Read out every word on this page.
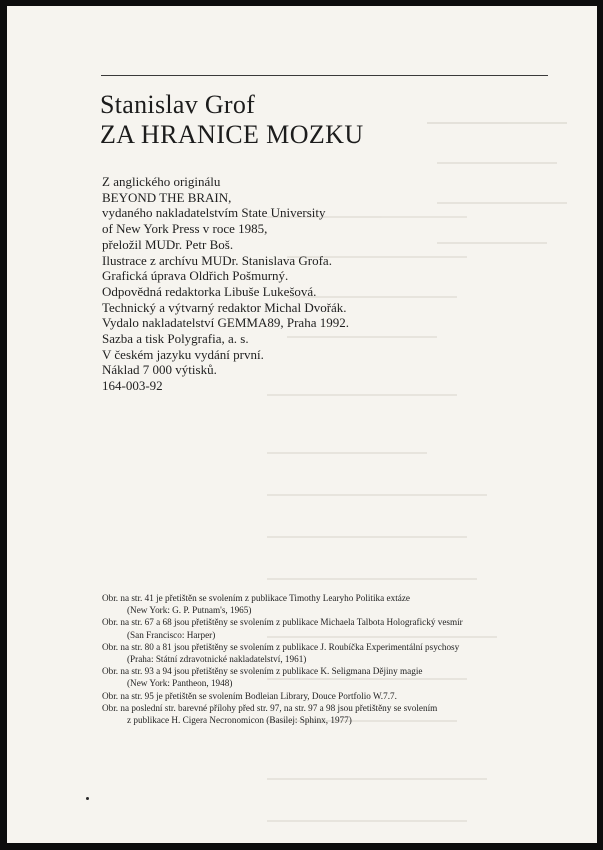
Stanislav Grof
ZA HRANICE MOZKU
Z anglického originálu
BEYOND THE BRAIN,
vydaného nakladatelstvím State University
of New York Press v roce 1985,
přeložil MUDr. Petr Boš.
Ilustrace z archívu MUDr. Stanislava Grofa.
Grafická úprava Oldřich Pošmurný.
Odpovědná redaktorka Libuše Lukešová.
Technický a výtvarný redaktor Michal Dvořák.
Vydalo nakladatelství GEMMA89, Praha 1992.
Sazba a tisk Polygrafia, a. s.
V českém jazyku vydání první.
Náklad 7 000 výtisků.
164-003-92
Obr. na str. 41 je přetištěn se svolením z publikace Timothy Learyho Politika extáze
(New York: G. P. Putnam's, 1965)
Obr. na str. 67 a 68 jsou přetištěny se svolením z publikace Michaela Talbota Holografický vesmír
(San Francisco: Harper)
Obr. na str. 80 a 81 jsou přetištěny se svolením z publikace J. Roubíčka Experimentální psychosy
(Praha: Státní zdravotnické nakladatelství, 1961)
Obr. na str. 93 a 94 jsou přetištěny se svolením z publikace K. Seligmana Dějiny magie
(New York: Pantheon, 1948)
Obr. na str. 95 je přetištěn se svolením Bodleian Library, Douce Portfolio W.7.7.
Obr. na poslední str. barevné přílohy před str. 97, na str. 97 a 98 jsou přetištěny se svolením
z publikace H. Cigera Necronomicon (Basilej: Sphinx, 1977)
